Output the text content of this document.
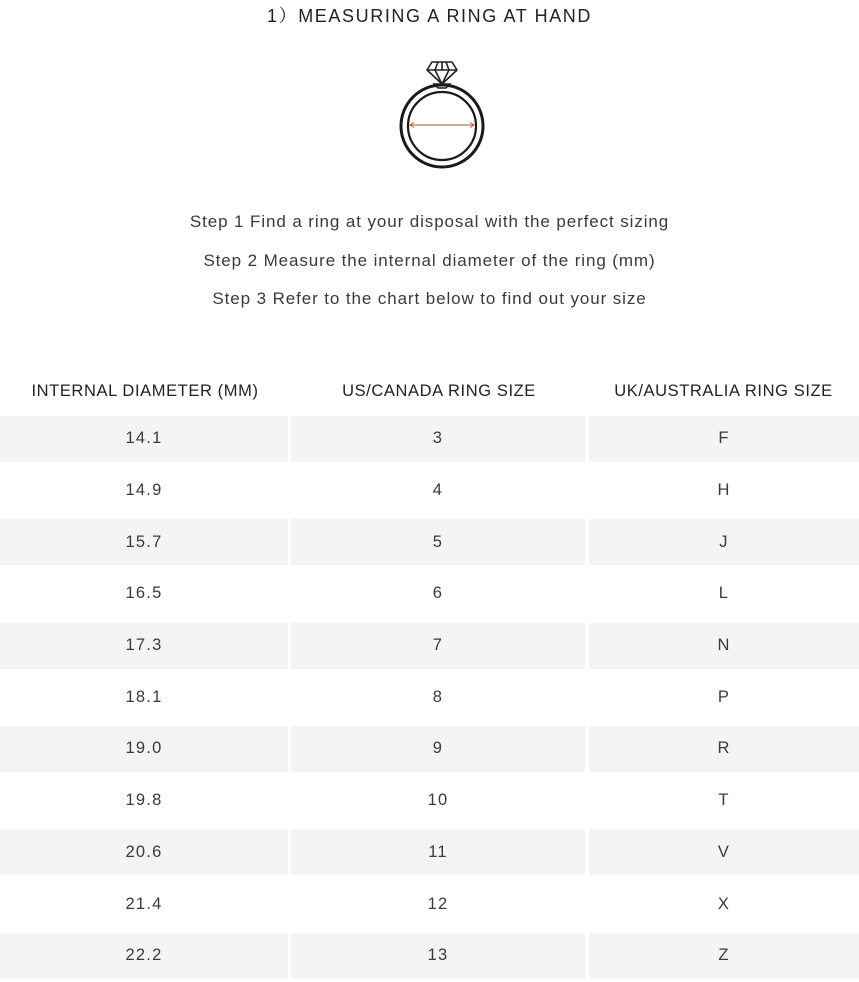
1）MEASURING A RING AT HAND
Step 1 Find a ring at your disposal with the perfect sizing
Step 2 Measure the internal diameter of the ring (mm)
Step 3 Refer to the chart below to find out your size
INTERNAL DIAMETER (MM)	US/CANADA RING SIZE	UK/AUSTRALIA RING SIZE
14.1	3	F
14.9	4	H
15.7	5	J
16.5	6	L
17.3	7	N
18.1	8	P
19.0	9	R
19.8	10	T
20.6	11	V
21.4	12	X
22.2	13	Z
